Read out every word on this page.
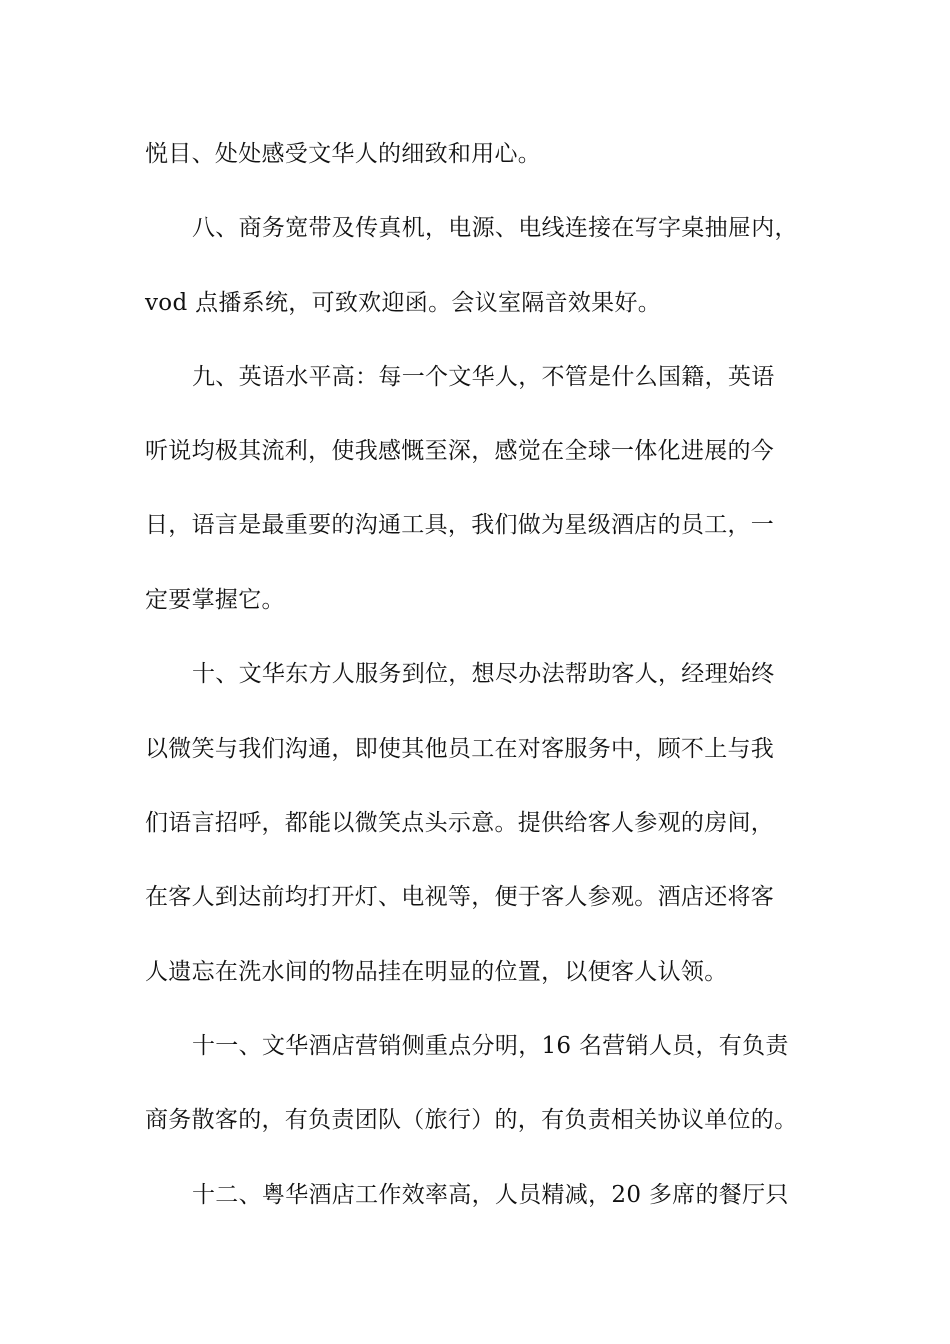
悦目、处处感受文华人的细致和用心。
八、商务宽带及传真机，电源、电线连接在写字桌抽屉内，
vod 点播系统，可致欢迎函。会议室隔音效果好。
九、英语水平高：每一个文华人，不管是什么国籍，英语
听说均极其流利，使我感慨至深，感觉在全球一体化进展的今
日，语言是最重要的沟通工具，我们做为星级酒店的员工，一
定要掌握它。
十、文华东方人服务到位，想尽办法帮助客人，经理始终
以微笑与我们沟通，即使其他员工在对客服务中，顾不上与我
们语言招呼，都能以微笑点头示意。提供给客人参观的房间，
在客人到达前均打开灯、电视等，便于客人参观。酒店还将客
人遗忘在洗水间的物品挂在明显的位置，以便客人认领。
十一、文华酒店营销侧重点分明，16 名营销人员，有负责
商务散客的，有负责团队（旅行）的，有负责相关协议单位的。
十二、粤华酒店工作效率高，人员精减，20 多席的餐厅只
